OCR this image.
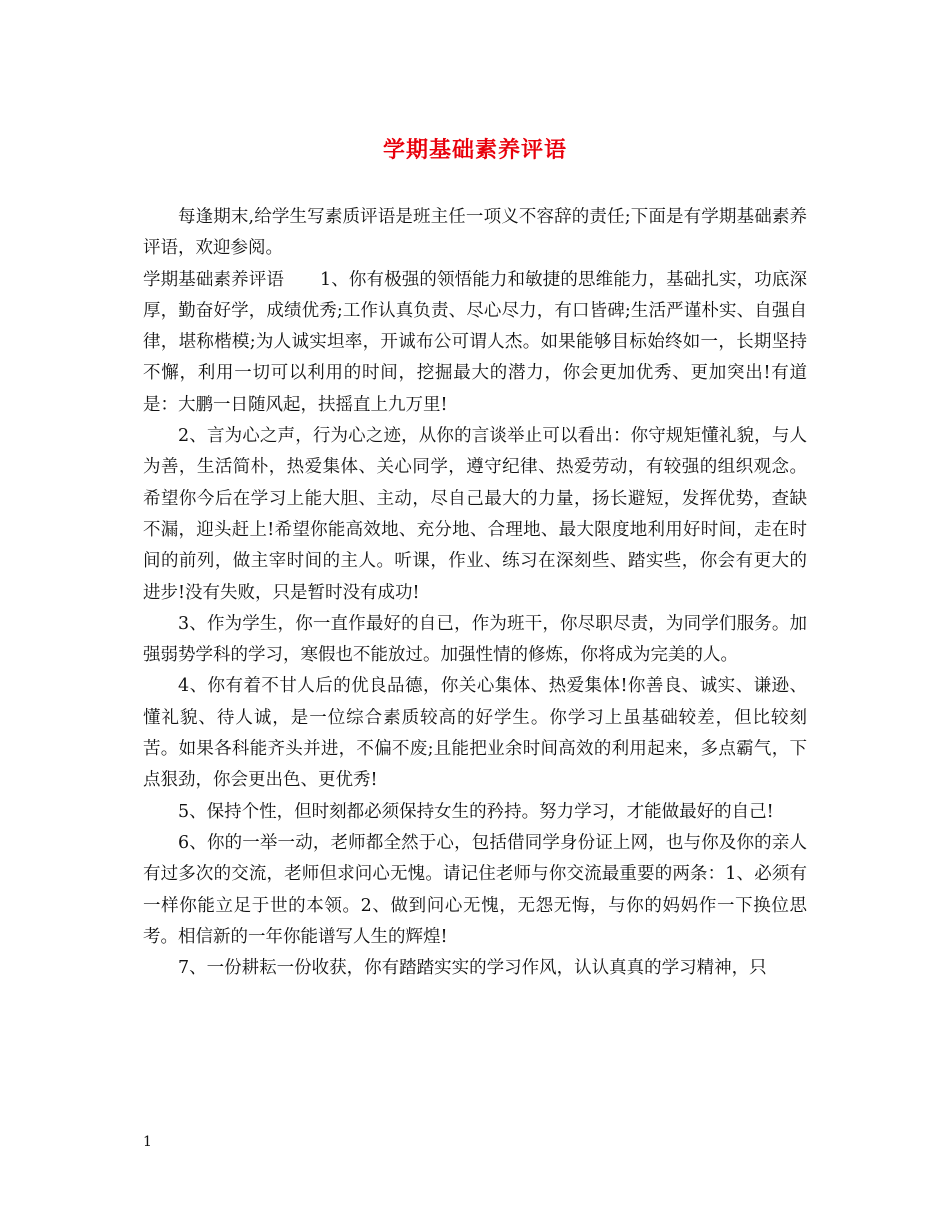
学期基础素养评语

每逢期末,给学生写素质评语是班主任一项义不容辞的责任;下面是有学期基础素养评语，欢迎参阅。

学期基础素养评语 1、你有极强的领悟能力和敏捷的思维能力，基础扎实，功底深厚，勤奋好学，成绩优秀;工作认真负责、尽心尽力，有口皆碑;生活严谨朴实、自强自律，堪称楷模;为人诚实坦率，开诚布公可谓人杰。如果能够目标始终如一，长期坚持不懈，利用一切可以利用的时间，挖掘最大的潜力，你会更加优秀、更加突出!有道是：大鹏一日随风起，扶摇直上九万里!

2、言为心之声，行为心之迹，从你的言谈举止可以看出：你守规矩懂礼貌，与人为善，生活简朴，热爱集体、关心同学，遵守纪律、热爱劳动，有较强的组织观念。希望你今后在学习上能大胆、主动，尽自己最大的力量，扬长避短，发挥优势，查缺不漏，迎头赶上!希望你能高效地、充分地、合理地、最大限度地利用好时间，走在时间的前列，做主宰时间的主人。听课，作业、练习在深刻些、踏实些，你会有更大的进步!没有失败，只是暂时没有成功!

3、作为学生，你一直作最好的自已，作为班干，你尽职尽责，为同学们服务。加强弱势学科的学习，寒假也不能放过。加强性情的修炼，你将成为完美的人。

4、你有着不甘人后的优良品德，你关心集体、热爱集体!你善良、诚实、谦逊、懂礼貌、待人诚，是一位综合素质较高的好学生。你学习上虽基础较差，但比较刻苦。如果各科能齐头并进，不偏不废;且能把业余时间高效的利用起来，多点霸气，下点狠劲，你会更出色、更优秀!

5、保持个性，但时刻都必须保持女生的矜持。努力学习，才能做最好的自己!

6、你的一举一动，老师都全然于心，包括借同学身份证上网，也与你及你的亲人有过多次的交流，老师但求问心无愧。请记住老师与你交流最重要的两条：1、必须有一样你能立足于世的本领。2、做到问心无愧，无怨无悔，与你的妈妈作一下换位思考。相信新的一年你能谱写人生的辉煌!

7、一份耕耘一份收获，你有踏踏实实的学习作风，认认真真的学习精神，只

1
